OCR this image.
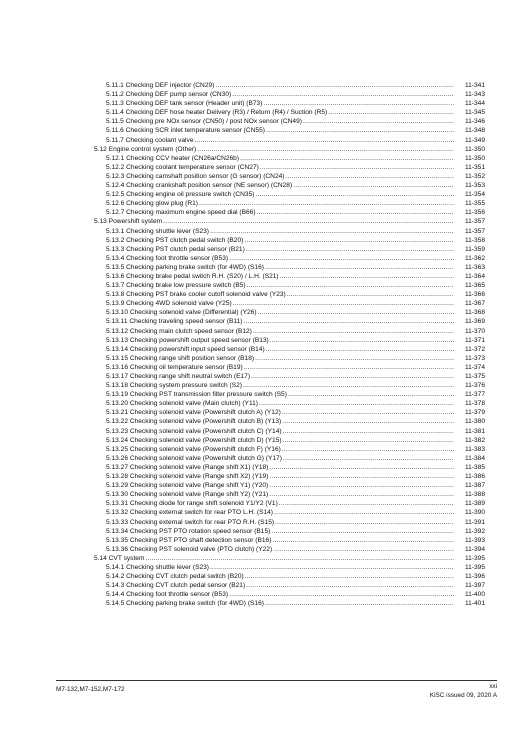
5.11.1 Checking DEF injector (CN29) .....	11-341
5.11.2 Checking DEF pump sensor (CN30) .....	11-343
5.11.3 Checking DEF tank sensor (Header unit) (B73) .....	11-344
5.11.4 Checking DEF hose heater Delivery (R3) / Return (R4) / Suction (R5) .....	11-345
5.11.5 Checking pre NOx sensor (CN50) / post NOx sensor (CN49) .....	11-346
5.11.6 Checking SCR inlet temperature sensor (CN55) .....	11-348
5.11.7 Checking coolant valve .....	11-349
5.12 Engine control system (Other) .....	11-350
5.12.1 Checking CCV heater (CN26a/CN26b) .....	11-350
5.12.2 Checking coolant temperature sensor (CN27) .....	11-351
5.12.3 Checking camshaft position sensor (G sensor) (CN24) .....	11-352
5.12.4 Checking crankshaft position sensor (NE sensor) (CN28) .....	11-353
5.12.5 Checking engine oil pressure switch (CN35) .....	11-354
5.12.6 Checking glow plug (R1) .....	11-355
5.12.7 Checking maximum engine speed dial (B66) .....	11-356
5.13 Powershift system .....	11-357
5.13.1 Checking shuttle lever (S23) .....	11-357
5.13.2 Checking PST clutch pedal switch (B20) .....	11-358
5.13.3 Checking PST clutch pedal sensor (B21) .....	11-359
5.13.4 Checking foot throttle sensor (B53) .....	11-362
5.13.5 Checking parking brake switch (for 4WD) (S16) .....	11-363
5.13.6 Checking brake pedal switch R.H. (S20) / L.H. (S21) .....	11-364
5.13.7 Checking brake low pressure switch (B5) .....	11-365
5.13.8 Checking PST brake cooler cutoff solenoid valve (Y23) .....	11-366
5.13.9 Checking 4WD solenoid valve (Y25) .....	11-367
5.13.10 Checking solenoid valve (Differential) (Y26) .....	11-368
5.13.11 Checking traveling speed sensor (B11) .....	11-369
5.13.12 Checking main clutch speed sensor (B12) .....	11-370
5.13.13 Checking powershift output speed sensor (B13) .....	11-371
5.13.14 Checking powershift input speed sensor (B14) .....	11-372
5.13.15 Checking range shift position sensor (B18) .....	11-373
5.13.16 Checking oil temperature sensor (B19) .....	11-374
5.13.17 Checking range shift neutral switch (E17) .....	11-375
5.13.18 Checking system pressure switch (S2) .....	11-376
5.13.19 Checking PST transmission filter pressure switch (S5) .....	11-377
5.13.20 Checking solenoid valve (Main clutch) (Y11) .....	11-378
5.13.21 Checking solenoid valve (Powershift clutch A) (Y12) .....	11-379
5.13.22 Checking solenoid valve (Powershift clutch B) (Y13) .....	11-380
5.13.23 Checking solenoid valve (Powershift clutch C) (Y14) .....	11-381
5.13.24 Checking solenoid valve (Powershift clutch D) (Y15) .....	11-382
5.13.25 Checking solenoid valve (Powershift clutch F) (Y16) .....	11-383
5.13.26 Checking solenoid valve (Powershift clutch G) (Y17) .....	11-384
5.13.27 Checking solenoid valve (Range shift X1) (Y18) .....	11-385
5.13.28 Checking solenoid valve (Range shift X2) (Y19) .....	11-386
5.13.29 Checking solenoid valve (Range shift Y1) (Y20) .....	11-387
5.13.30 Checking solenoid valve (Range shift Y2) (Y21) .....	11-388
5.13.31 Checking diode for range shift solenoid Y1/Y2 (V1) .....	11-389
5.13.32 Checking external switch for rear PTO L.H. (S14) .....	11-390
5.13.33 Checking external switch for rear PTO R.H. (S15) .....	11-391
5.13.34 Checking PST PTO rotation speed sensor (B15) .....	11-392
5.13.35 Checking PST PTO shaft detection sensor (B16) .....	11-393
5.13.36 Checking PST solenoid valve (PTO clutch) (Y22) .....	11-394
5.14 CVT system .....	11-395
5.14.1 Checking shuttle lever (S23) .....	11-395
5.14.2 Checking CVT clutch pedal switch (B20) .....	11-396
5.14.3 Checking CVT clutch pedal sensor (B21) .....	11-397
5.14.4 Checking foot throttle sensor (B53) .....	11-400
5.14.5 Checking parking brake switch (for 4WD) (S16) .....	11-401
M7-132,M7-152,M7-172	xxi
KiSC issued 09, 2020 A
